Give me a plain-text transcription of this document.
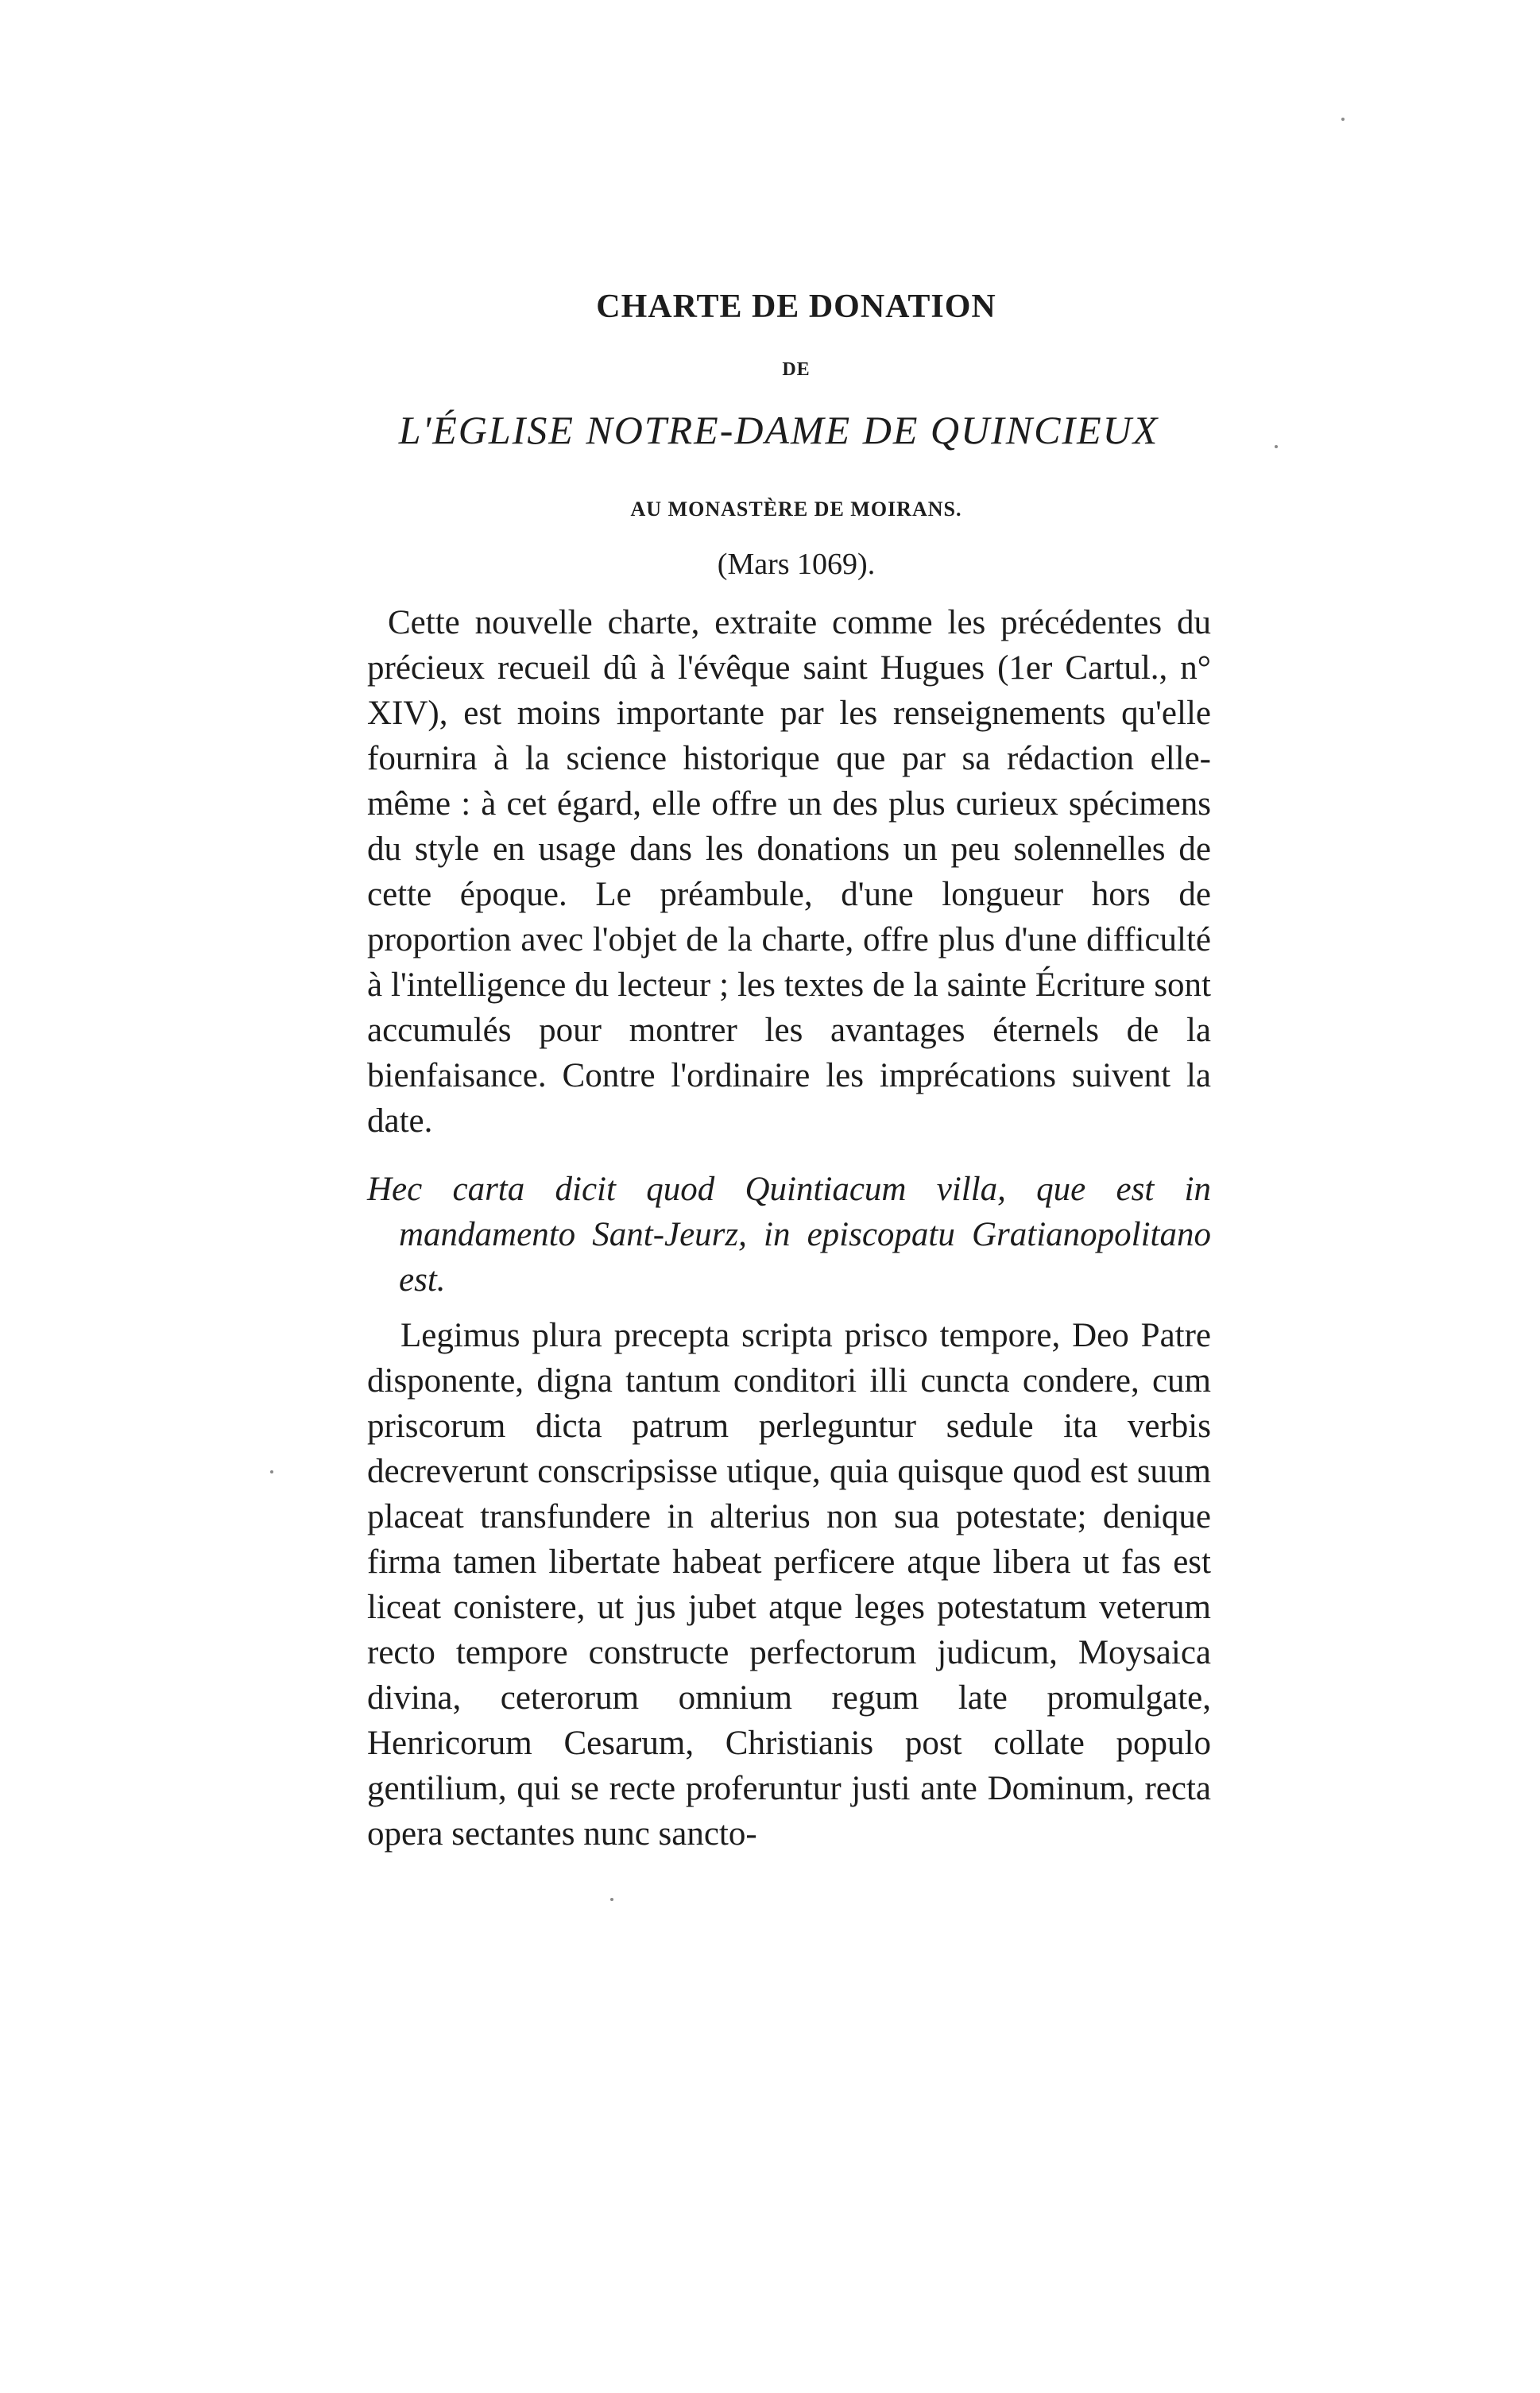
CHARTE DE DONATION
DE
L'ÉGLISE NOTRE-DAME DE QUINCIEUX
AU MONASTÈRE DE MOIRANS.
(Mars 1069).

Cette nouvelle charte, extraite comme les précédentes du précieux recueil dû à l'évêque saint Hugues (1er Cartul., n° XIV), est moins importante par les renseignements qu'elle fournira à la science historique que par sa rédaction elle-même : à cet égard, elle offre un des plus curieux spécimens du style en usage dans les donations un peu solennelles de cette époque. Le préambule, d'une longueur hors de proportion avec l'objet de la charte, offre plus d'une difficulté à l'intelligence du lecteur ; les textes de la sainte Écriture sont accumulés pour montrer les avantages éternels de la bienfaisance. Contre l'ordinaire les imprécations suivent la date.

Hec carta dicit quod Quintiacum villa, que est in mandamento Sant-Jeurz, in episcopatu Gratianopolitano est.

Legimus plura precepta scripta prisco tempore, Deo Patre disponente, digna tantum conditori illi cuncta condere, cum priscorum dicta patrum perleguntur sedule ita verbis decreverunt conscripsisse utique, quia quisque quod est suum placeat transfundere in alterius non sua potestate; denique firma tamen libertate habeat perficere atque libera ut fas est liceat conistere, ut jus jubet atque leges potestatum veterum recto tempore constructe perfectorum judicum, Moysaica divina, ceterorum omnium regum late promulgate, Henricorum Cesarum, Christianis post collate populo gentilium, qui se recte proferuntur justi ante Dominum, recta opera sectantes nunc sancto-
